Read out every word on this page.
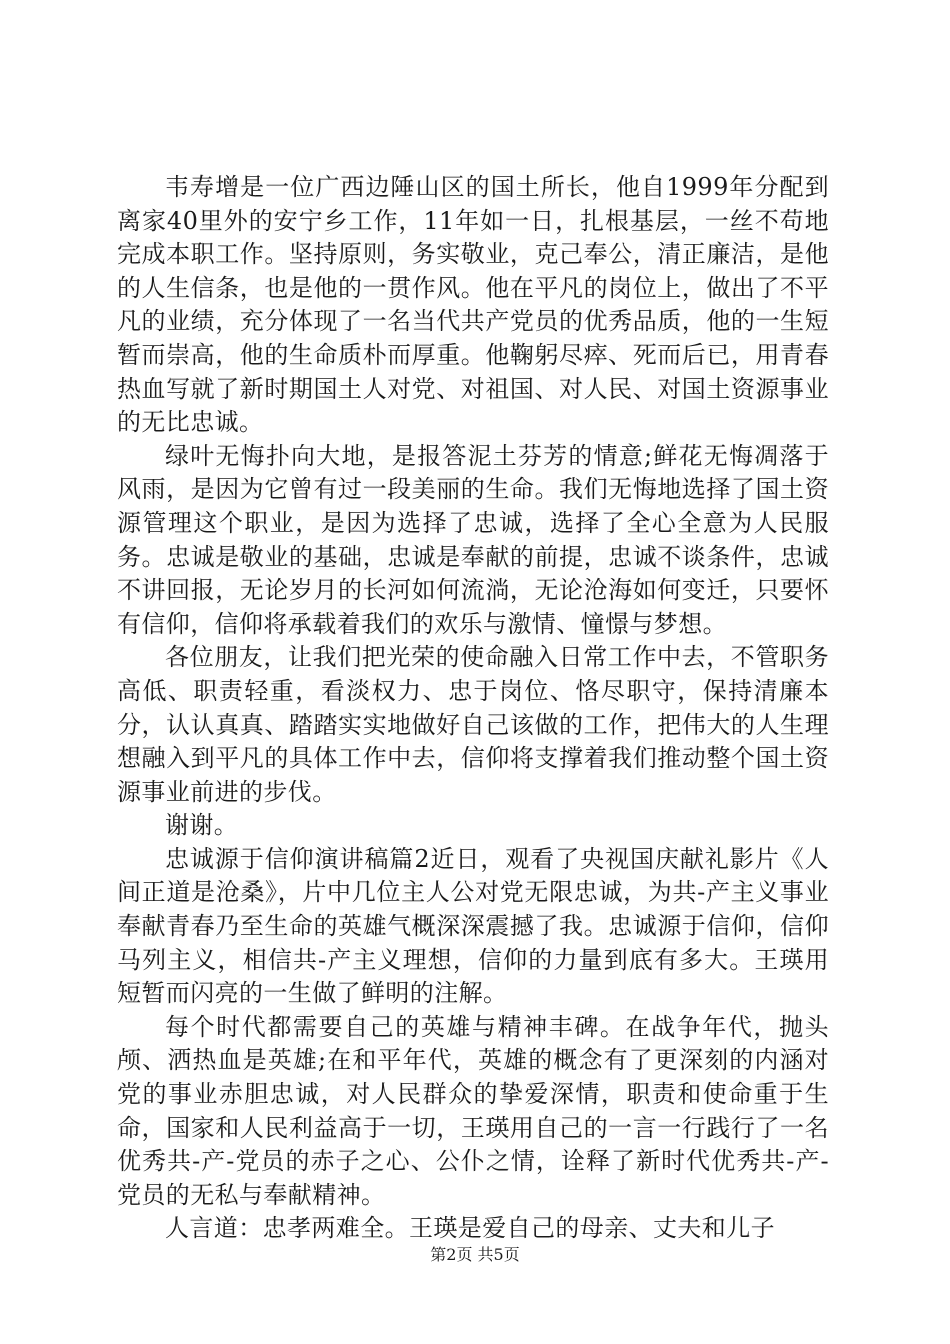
韦寿增是一位广西边陲山区的国土所长，他自1999年分配到离家40里外的安宁乡工作，11年如一日，扎根基层，一丝不苟地完成本职工作。坚持原则，务实敬业，克己奉公，清正廉洁，是他的人生信条，也是他的一贯作风。他在平凡的岗位上，做出了不平凡的业绩，充分体现了一名当代共产党员的优秀品质，他的一生短暂而崇高，他的生命质朴而厚重。他鞠躬尽瘁、死而后已，用青春热血写就了新时期国土人对党、对祖国、对人民、对国土资源事业的无比忠诚。

绿叶无悔扑向大地，是报答泥土芬芳的情意;鲜花无悔凋落于风雨，是因为它曾有过一段美丽的生命。我们无悔地选择了国土资源管理这个职业，是因为选择了忠诚，选择了全心全意为人民服务。忠诚是敬业的基础，忠诚是奉献的前提，忠诚不谈条件，忠诚不讲回报，无论岁月的长河如何流淌，无论沧海如何变迁，只要怀有信仰，信仰将承载着我们的欢乐与激情、憧憬与梦想。

各位朋友，让我们把光荣的使命融入日常工作中去，不管职务高低、职责轻重，看淡权力、忠于岗位、恪尽职守，保持清廉本分，认认真真、踏踏实实地做好自己该做的工作，把伟大的人生理想融入到平凡的具体工作中去，信仰将支撑着我们推动整个国土资源事业前进的步伐。

谢谢。

忠诚源于信仰演讲稿篇2近日，观看了央视国庆献礼影片《人间正道是沧桑》，片中几位主人公对党无限忠诚，为共-产主义事业奉献青春乃至生命的英雄气概深深震撼了我。忠诚源于信仰，信仰马列主义，相信共-产主义理想，信仰的力量到底有多大。王瑛用短暂而闪亮的一生做了鲜明的注解。

每个时代都需要自己的英雄与精神丰碑。在战争年代，抛头颅、洒热血是英雄;在和平年代，英雄的概念有了更深刻的内涵对党的事业赤胆忠诚，对人民群众的挚爱深情，职责和使命重于生命，国家和人民利益高于一切，王瑛用自己的一言一行践行了一名优秀共-产-党员的赤子之心、公仆之情，诠释了新时代优秀共-产-党员的无私与奉献精神。

人言道：忠孝两难全。王瑛是爱自己的母亲、丈夫和儿子

第2页 共5页
